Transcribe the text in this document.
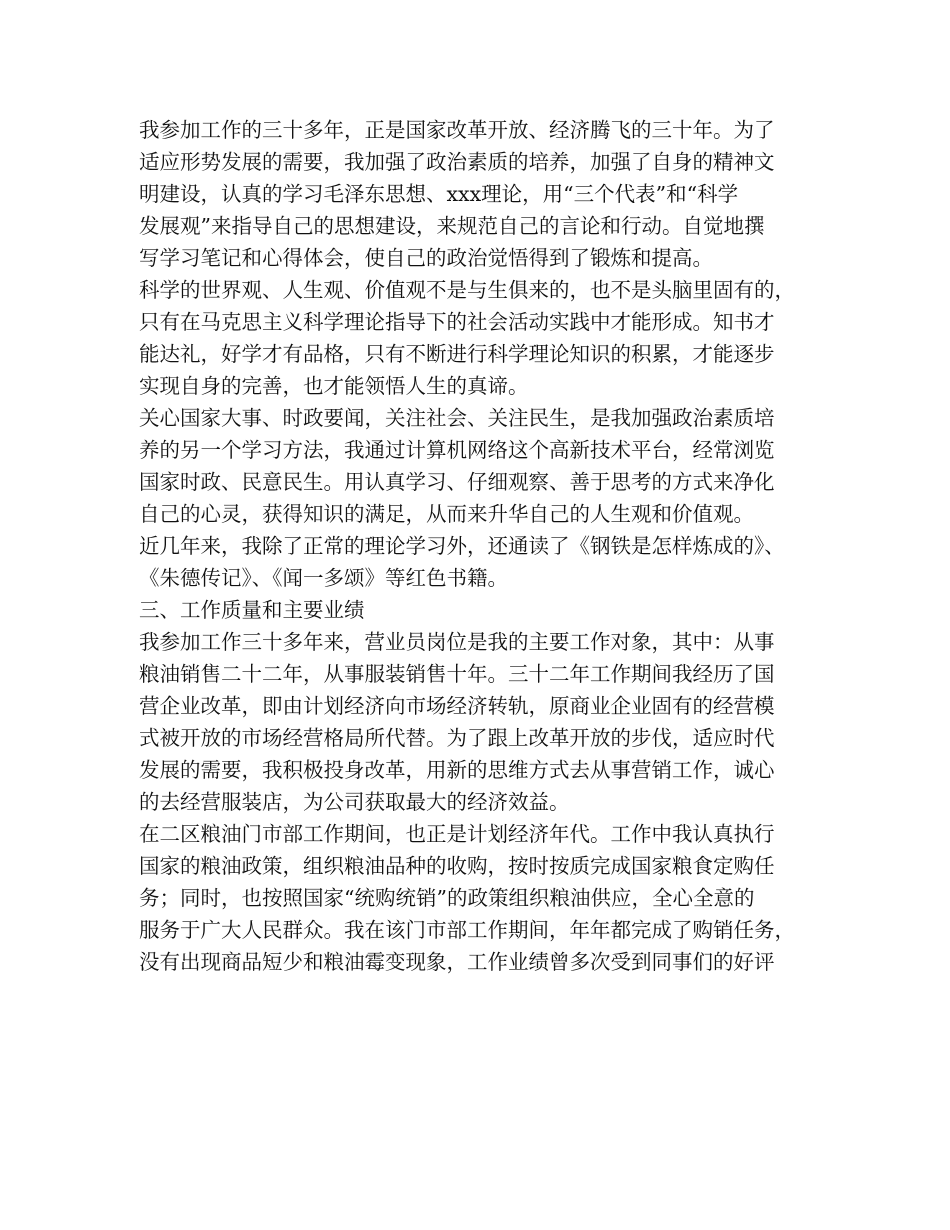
我参加工作的三十多年，正是国家改革开放、经济腾飞的三十年。为了
适应形势发展的需要，我加强了政治素质的培养，加强了自身的精神文
明建设，认真的学习毛泽东思想、xxx理论，用“三个代表”和“科学
发展观”来指导自己的思想建设，来规范自己的言论和行动。自觉地撰
写学习笔记和心得体会，使自己的政治觉悟得到了锻炼和提高。
科学的世界观、人生观、价值观不是与生俱来的，也不是头脑里固有的，
只有在马克思主义科学理论指导下的社会活动实践中才能形成。知书才
能达礼，好学才有品格，只有不断进行科学理论知识的积累，才能逐步
实现自身的完善，也才能领悟人生的真谛。
关心国家大事、时政要闻，关注社会、关注民生，是我加强政治素质培
养的另一个学习方法，我通过计算机网络这个高新技术平台，经常浏览
国家时政、民意民生。用认真学习、仔细观察、善于思考的方式来净化
自己的心灵，获得知识的满足，从而来升华自己的人生观和价值观。
近几年来，我除了正常的理论学习外，还通读了《钢铁是怎样炼成的》、
《朱德传记》、《闻一多颂》等红色书籍。
三、工作质量和主要业绩
我参加工作三十多年来，营业员岗位是我的主要工作对象，其中：从事
粮油销售二十二年，从事服装销售十年。三十二年工作期间我经历了国
营企业改革，即由计划经济向市场经济转轨，原商业企业固有的经营模
式被开放的市场经营格局所代替。为了跟上改革开放的步伐，适应时代
发展的需要，我积极投身改革，用新的思维方式去从事营销工作，诚心
的去经营服装店，为公司获取最大的经济效益。
在二区粮油门市部工作期间，也正是计划经济年代。工作中我认真执行
国家的粮油政策，组织粮油品种的收购，按时按质完成国家粮食定购任
务；同时，也按照国家“统购统销”的政策组织粮油供应，全心全意的
服务于广大人民群众。我在该门市部工作期间，年年都完成了购销任务，
没有出现商品短少和粮油霉变现象，工作业绩曾多次受到同事们的好评
